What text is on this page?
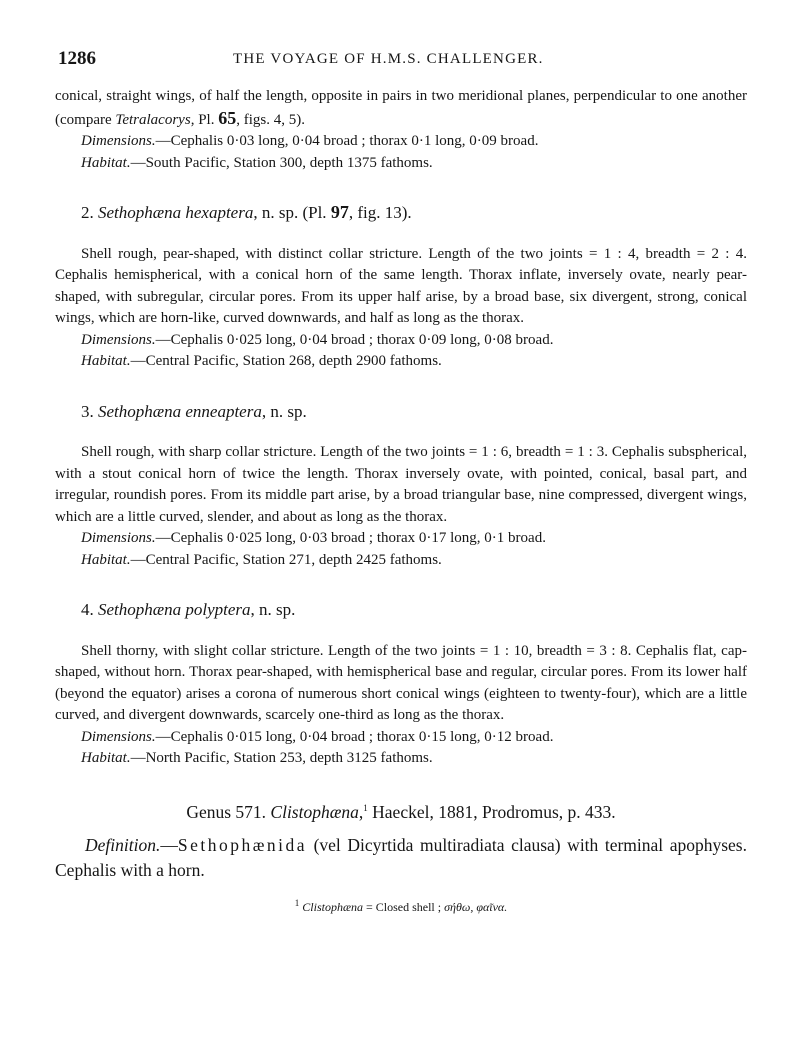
1286	THE VOYAGE OF H.M.S. CHALLENGER.

conical, straight wings, of half the length, opposite in pairs in two meridional planes, perpendicular to one another (compare Tetralacorys, Pl. 65, figs. 4, 5).

Dimensions.—Cephalis 0·03 long, 0·04 broad ; thorax 0·1 long, 0·09 broad.

Habitat.—South Pacific, Station 300, depth 1375 fathoms.

2. Sethophæna hexaptera, n. sp. (Pl. 97, fig. 13).

Shell rough, pear-shaped, with distinct collar stricture. Length of the two joints = 1 : 4, breadth = 2 : 4. Cephalis hemispherical, with a conical horn of the same length. Thorax inflate, inversely ovate, nearly pear-shaped, with subregular, circular pores. From its upper half arise, by a broad base, six divergent, strong, conical wings, which are horn-like, curved downwards, and half as long as the thorax.

Dimensions.—Cephalis 0·025 long, 0·04 broad ; thorax 0·09 long, 0·08 broad.

Habitat.—Central Pacific, Station 268, depth 2900 fathoms.

3. Sethophæna enneaptera, n. sp.

Shell rough, with sharp collar stricture. Length of the two joints = 1 : 6, breadth = 1 : 3. Cephalis subspherical, with a stout conical horn of twice the length. Thorax inversely ovate, with pointed, conical, basal part, and irregular, roundish pores. From its middle part arise, by a broad triangular base, nine compressed, divergent wings, which are a little curved, slender, and about as long as the thorax.

Dimensions.—Cephalis 0·025 long, 0·03 broad ; thorax 0·17 long, 0·1 broad.

Habitat.—Central Pacific, Station 271, depth 2425 fathoms.

4. Sethophæna polyptera, n. sp.

Shell thorny, with slight collar stricture. Length of the two joints = 1 : 10, breadth = 3 : 8. Cephalis flat, cap-shaped, without horn. Thorax pear-shaped, with hemispherical base and regular, circular pores. From its lower half (beyond the equator) arises a corona of numerous short conical wings (eighteen to twenty-four), which are a little curved, and divergent downwards, scarcely one-third as long as the thorax.

Dimensions.—Cephalis 0·015 long, 0·04 broad ; thorax 0·15 long, 0·12 broad.

Habitat.—North Pacific, Station 253, depth 3125 fathoms.

Genus 571. Clistophæna,$^1$ Haeckel, 1881, Prodromus, p. 433.

Definition.—Sethophænida (vel Dicyrtida multiradiata clausa) with terminal apophyses. Cephalis with a horn.

$^1$ Clistophæna = Closed shell ; σήθω, φαῖνα.
